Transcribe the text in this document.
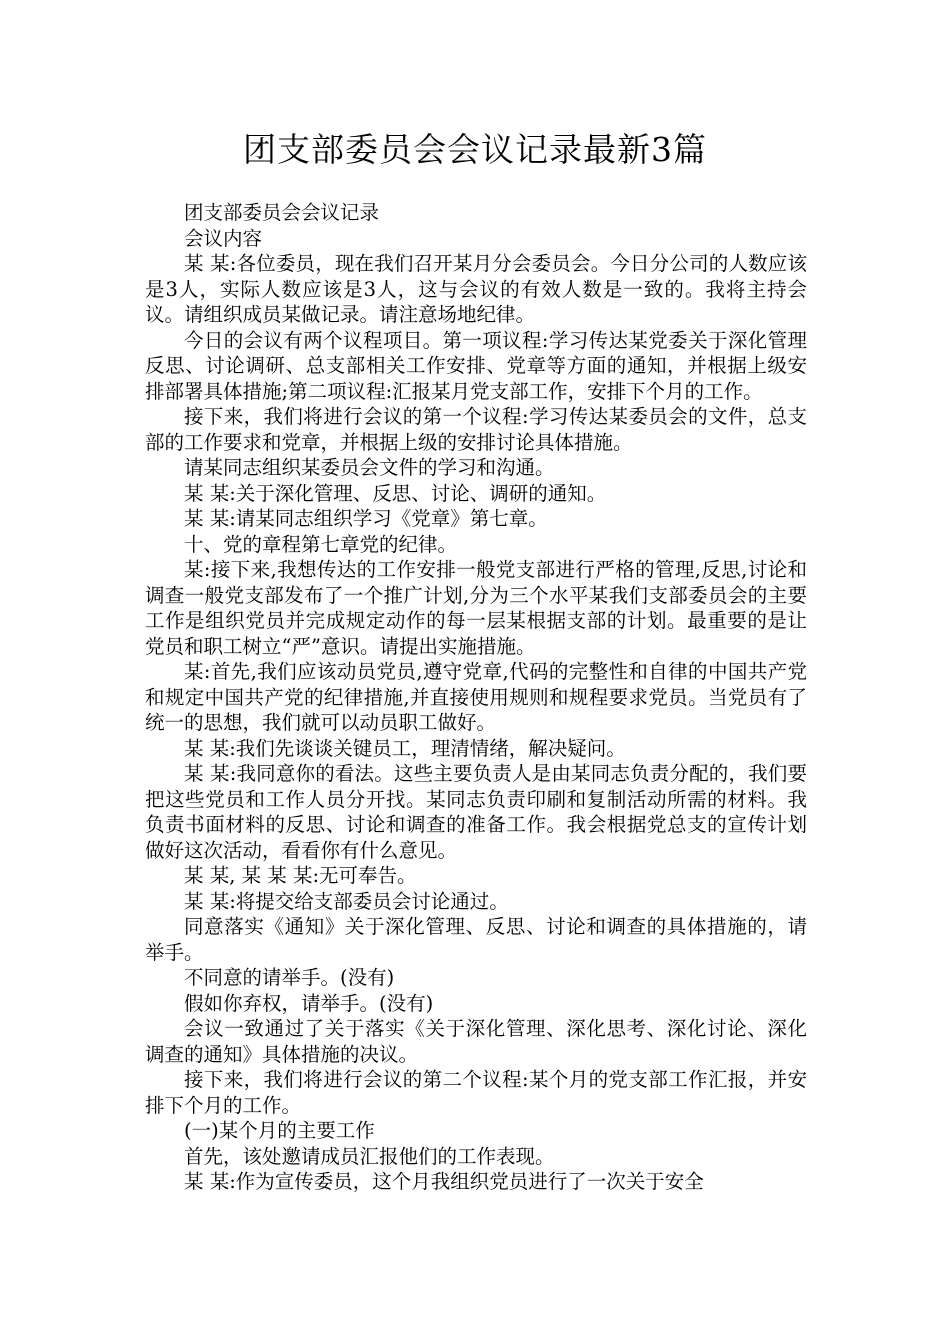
团支部委员会会议记录最新3篇

团支部委员会会议记录

会议内容

某 某:各位委员，现在我们召开某月分会委员会。今日分公司的人数应该是3人，实际人数应该是3人，这与会议的有效人数是一致的。我将主持会议。请组织成员某做记录。请注意场地纪律。

今日的会议有两个议程项目。第一项议程:学习传达某党委关于深化管理反思、讨论调研、总支部相关工作安排、党章等方面的通知，并根据上级安排部署具体措施;第二项议程:汇报某月党支部工作，安排下个月的工作。

接下来，我们将进行会议的第一个议程:学习传达某委员会的文件，总支部的工作要求和党章，并根据上级的安排讨论具体措施。

请某同志组织某委员会文件的学习和沟通。

某 某:关于深化管理、反思、讨论、调研的通知。

某 某:请某同志组织学习《党章》第七章。

十、党的章程第七章党的纪律。

某:接下来,我想传达的工作安排一般党支部进行严格的管理,反思,讨论和调查一般党支部发布了一个推广计划,分为三个水平某我们支部委员会的主要工作是组织党员并完成规定动作的每一层某根据支部的计划。最重要的是让党员和职工树立“严”意识。请提出实施措施。

某:首先,我们应该动员党员,遵守党章,代码的完整性和自律的中国共产党和规定中国共产党的纪律措施,并直接使用规则和规程要求党员。当党员有了统一的思想，我们就可以动员职工做好。

某 某:我们先谈谈关键员工，理清情绪，解决疑问。

某 某:我同意你的看法。这些主要负责人是由某同志负责分配的，我们要把这些党员和工作人员分开找。某同志负责印刷和复制活动所需的材料。我负责书面材料的反思、讨论和调查的准备工作。我会根据党总支的宣传计划做好这次活动，看看你有什么意见。

某 某, 某 某 某:无可奉告。

某 某:将提交给支部委员会讨论通过。

同意落实《通知》关于深化管理、反思、讨论和调查的具体措施的，请举手。

不同意的请举手。(没有)

假如你弃权，请举手。(没有)

会议一致通过了关于落实《关于深化管理、深化思考、深化讨论、深化调查的通知》具体措施的决议。

接下来，我们将进行会议的第二个议程:某个月的党支部工作汇报，并安排下个月的工作。

(一)某个月的主要工作

首先，该处邀请成员汇报他们的工作表现。

某 某:作为宣传委员，这个月我组织党员进行了一次关于安全
